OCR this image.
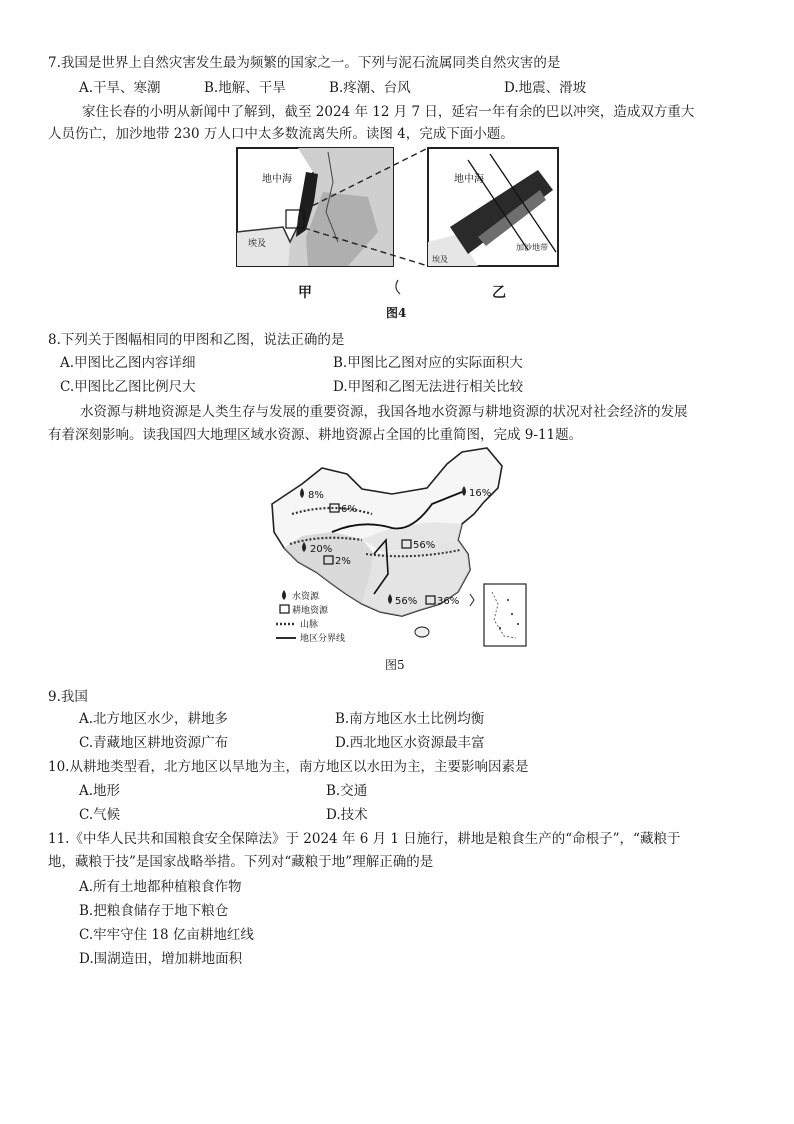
7.我国是世界上自然灾害发生最为频繁的国家之一。下列与泥石流属同类自然灾害的是
A.干旱、寒潮	B.地解、干旱	B.疼潮、台风	D.地震、滑坡
家住长春的小明从新闻中了解到，截至 2024 年 12 月 7 日，延宕一年有余的巴以冲突，造成双方重大
人员伤亡，加沙地带 230 万人口中太多数流离失所。读图 4，完成下面小题。
地中海
埃及
地中海
埃及
加沙地带
甲	乙
图4
8.下列关于图幅相同的甲图和乙图，说法正确的是
A.甲图比乙图内容详细	B.甲图比乙图对应的实际面积大
C.甲图比乙图比例尺大	D.甲图和乙图无法进行相关比较
水资源与耕地资源是人类生存与发展的重要资源，我国各地水资源与耕地资源的状况对社会经济的发展
有着深刻影响。读我国四大地理区域水资源、耕地资源占全国的比重简图，完成 9-11题。
8%
6%
16%
56%
20%
2%
56% 36%
水资源
耕地资源
山脉
地区分界线
图5
9.我国
A.北方地区水少，耕地多	B.南方地区水土比例均衡
C.青藏地区耕地资源广布	D.西北地区水资源最丰富
10.从耕地类型看，北方地区以旱地为主，南方地区以水田为主，主要影响因素是
A.地形	B.交通
C.气候	D.技术
11.《中华人民共和国粮食安全保障法》于 2024 年 6 月 1 日施行，耕地是粮食生产的“命根子”，“藏粮于
地，藏粮于技”是国家战略举措。下列对“藏粮于地”理解正确的是
A.所有土地都种植粮食作物
B.把粮食储存于地下粮仓
C.牢牢守住 18 亿亩耕地红线
D.围湖造田，增加耕地面积
